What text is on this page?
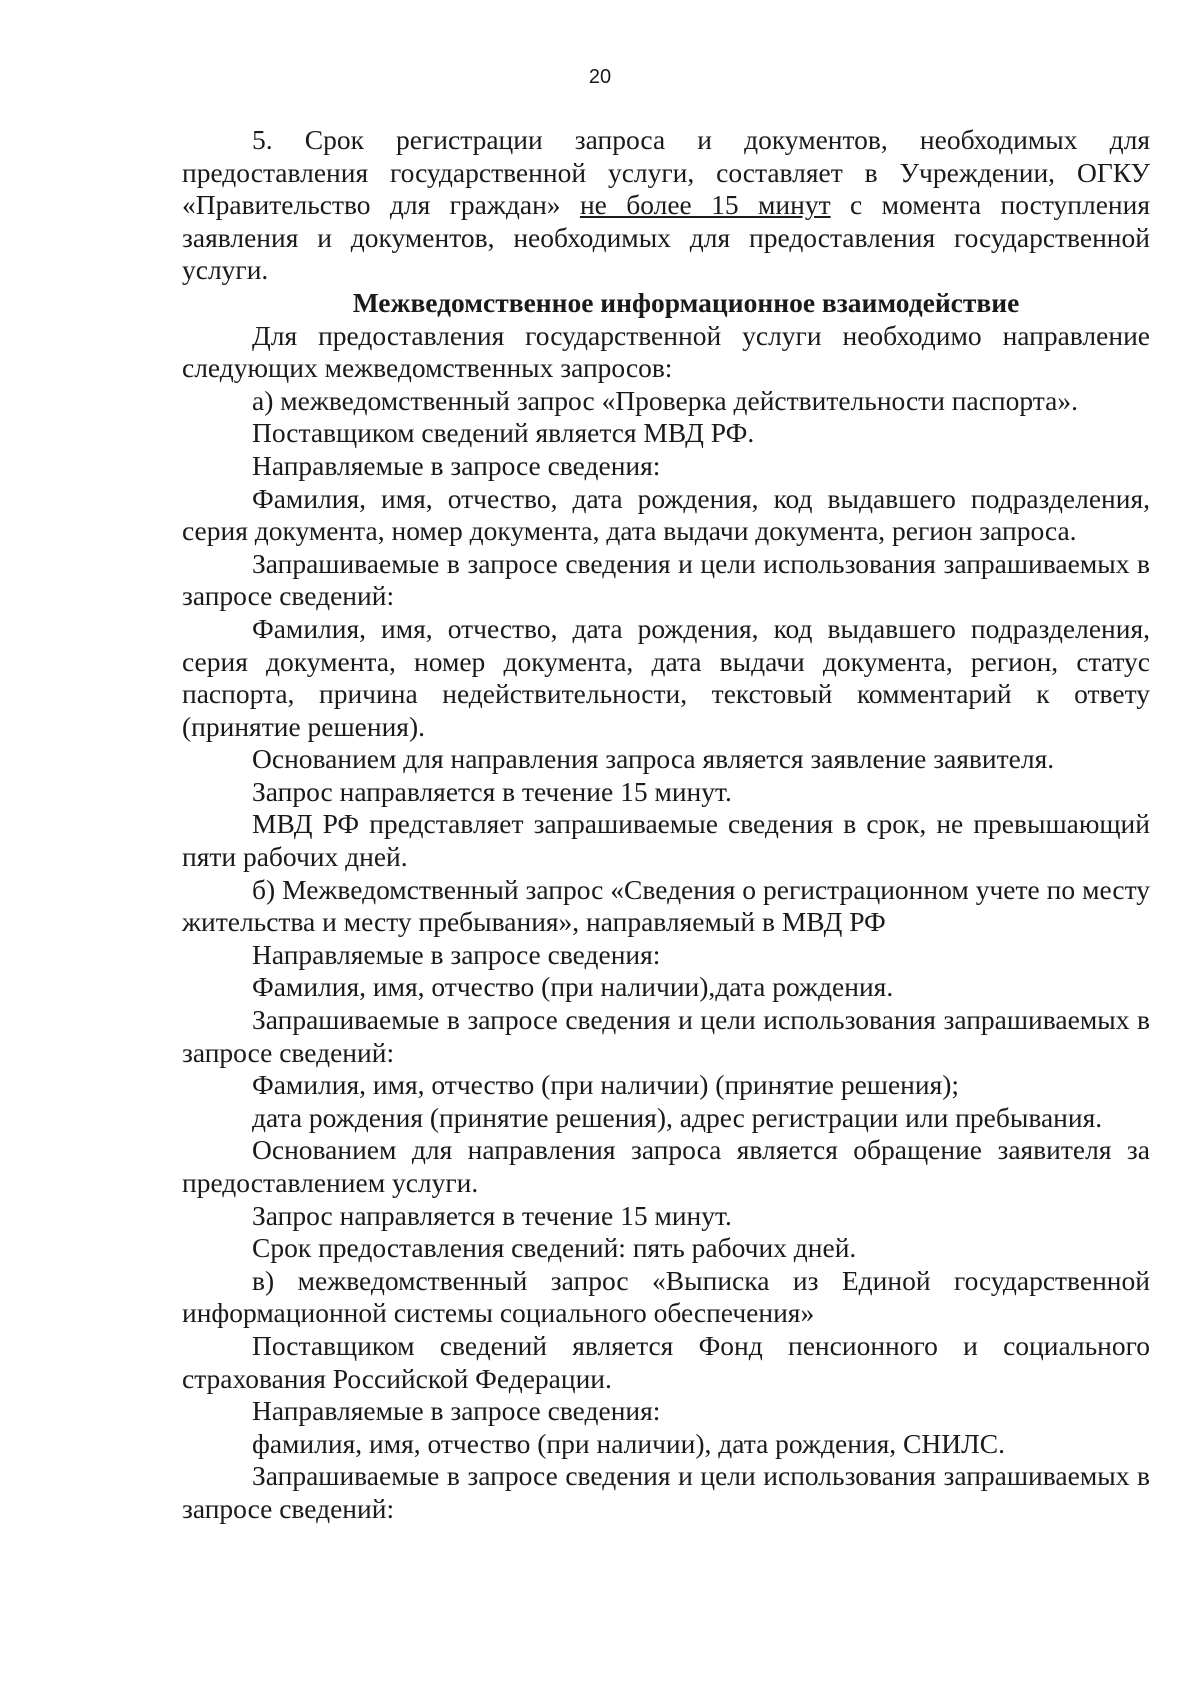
20

5. Срок регистрации запроса и документов, необходимых для предоставления государственной услуги, составляет в Учреждении, ОГКУ «Правительство для граждан» не более 15 минут с момента поступления заявления и документов, необходимых для предоставления государственной услуги.

Межведомственное информационное взаимодействие

Для предоставления государственной услуги необходимо направление следующих межведомственных запросов:

а) межведомственный запрос «Проверка действительности паспорта».

Поставщиком сведений является МВД РФ.

Направляемые в запросе сведения:

Фамилия, имя, отчество, дата рождения, код выдавшего подразделения, серия документа, номер документа, дата выдачи документа, регион запроса.

Запрашиваемые в запросе сведения и цели использования запрашиваемых в запросе сведений:

Фамилия, имя, отчество, дата рождения, код выдавшего подразделения, серия документа, номер документа, дата выдачи документа, регион, статус паспорта, причина недействительности, текстовый комментарий к ответу (принятие решения).

Основанием для направления запроса является заявление заявителя.

Запрос направляется в течение 15 минут.

МВД РФ представляет запрашиваемые сведения в срок, не превышающий пяти рабочих дней.

б) Межведомственный запрос «Сведения о регистрационном учете по месту жительства и месту пребывания», направляемый в МВД РФ

Направляемые в запросе сведения:

Фамилия, имя, отчество (при наличии),дата рождения.

Запрашиваемые в запросе сведения и цели использования запрашиваемых в запросе сведений:

Фамилия, имя, отчество (при наличии) (принятие решения);

дата рождения (принятие решения), адрес регистрации или пребывания.

Основанием для направления запроса является обращение заявителя за предоставлением услуги.

Запрос направляется в течение 15 минут.

Срок предоставления сведений: пять рабочих дней.

в) межведомственный запрос «Выписка из Единой государственной информационной системы социального обеспечения»

Поставщиком сведений является Фонд пенсионного и социального страхования Российской Федерации.

Направляемые в запросе сведения:

фамилия, имя, отчество (при наличии), дата рождения, СНИЛС.

Запрашиваемые в запросе сведения и цели использования запрашиваемых в запросе сведений:
